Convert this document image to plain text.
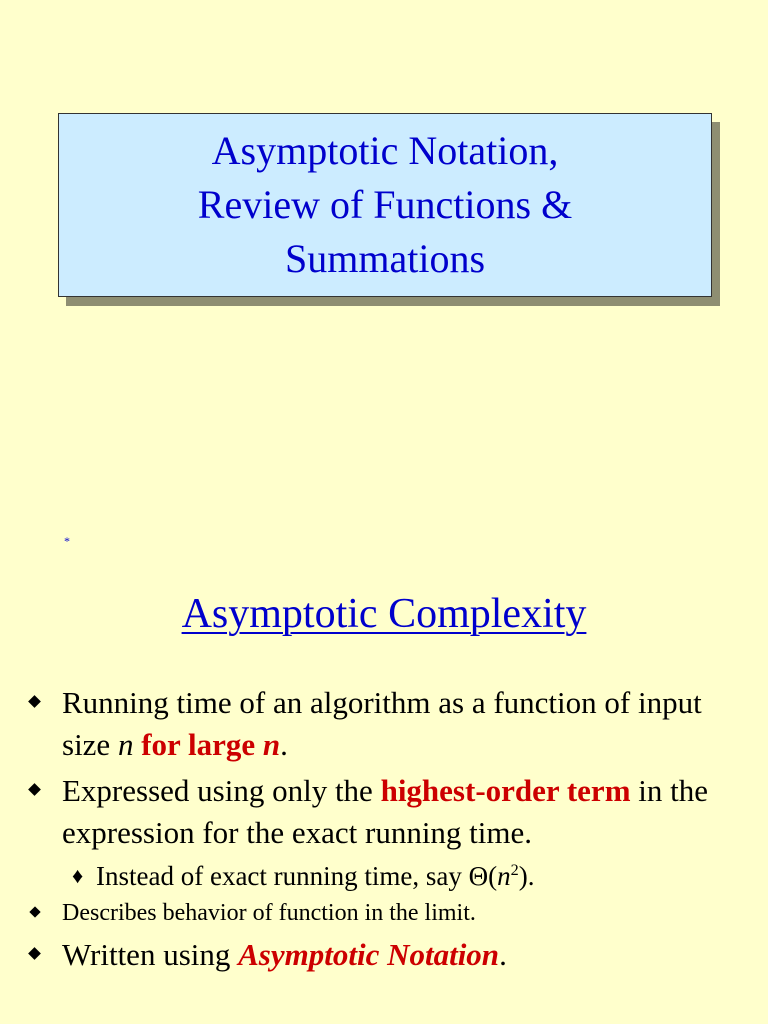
Asymptotic Notation,
Review of Functions &
Summations
*
Asymptotic Complexity
Running time of an algorithm as a function of input size n for large n.
Expressed using only the highest-order term in the expression for the exact running time.
♦ Instead of exact running time, say $\Theta(n^2)$.
Describes behavior of function in the limit.
Written using Asymptotic Notation.
